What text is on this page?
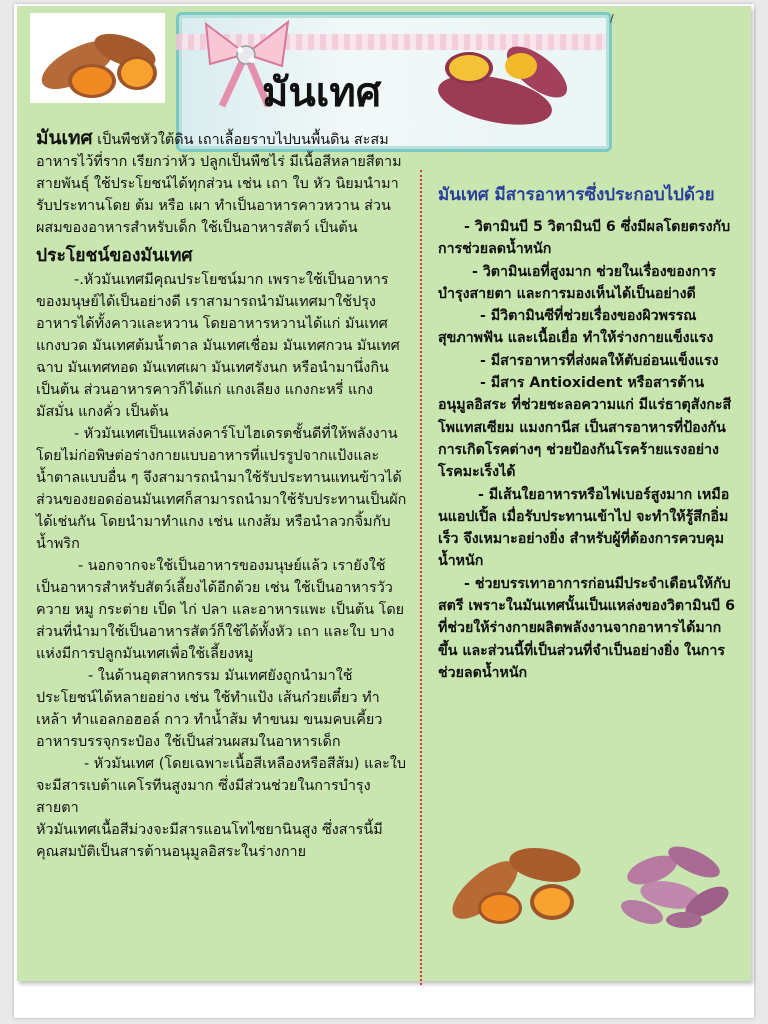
มันเทศ
/

มันเทศ เป็นพืชหัวใต้ดิน เถาเลื้อยราบไปบนพื้นดิน สะสมอาหารไว้ที่ราก เรียกว่าหัว ปลูกเป็นพืชไร่ มีเนื้อสีหลายสีตามสายพันธุ์ ใช้ประโยชน์ได้ทุกส่วน เช่น เถา ใบ หัว นิยมนำมารับประทานโดย ต้ม หรือ เผา ทำเป็นอาหารคาวหวาน ส่วนผสมของอาหารสำหรับเด็ก ใช้เป็นอาหารสัตว์ เป็นต้น

ประโยชน์ของมันเทศ

-.หัวมันเทศมีคุณประโยชน์มาก เพราะใช้เป็นอาหารของมนุษย์ได้เป็นอย่างดี เราสามารถนำมันเทศมาใช้ปรุงอาหารได้ทั้งคาวและหวาน โดยอาหารหวานได้แก่ มันเทศแกงบวด มันเทศต้มน้ำตาล มันเทศเชื่อม มันเทศกวน มันเทศฉาบ มันเทศทอด มันเทศเผา มันเทศรังนก หรือนำมานึ่งกิน เป็นต้น ส่วนอาหารคาวก็ได้แก่ แกงเลียง แกงกะหรี่ แกงมัสมั่น แกงคั่ว เป็นต้น

- หัวมันเทศเป็นแหล่งคาร์โบไฮเดรตชั้นดีที่ให้พลังงานโดยไม่ก่อพิษต่อร่างกายแบบอาหารที่แปรรูปจากแป้งและน้ำตาลแบบอื่น ๆ จึงสามารถนำมาใช้รับประทานแทนข้าวได้ ส่วนของยอดอ่อนมันเทศก็สามารถนำมาใช้รับประทานเป็นผักได้เช่นกัน โดยนำมาทำแกง เช่น แกงส้ม หรือนำลวกจิ้มกับน้ำพริก

- นอกจากจะใช้เป็นอาหารของมนุษย์แล้ว เรายังใช้เป็นอาหารสำหรับสัตว์เลี้ยงได้อีกด้วย เช่น ใช้เป็นอาหารวัว ควาย หมู กระต่าย เป็ด ไก่ ปลา และอาหารแพะ เป็นต้น โดยส่วนที่นำมาใช้เป็นอาหารสัตว์ก็ใช้ได้ทั้งหัว เถา และใบ บางแห่งมีการปลูกมันเทศเพื่อใช้เลี้ยงหมู

- ในด้านอุตสาหกรรม มันเทศยังถูกนำมาใช้ประโยชน์ได้หลายอย่าง เช่น ใช้ทำแป้ง เส้นก๋วยเตี๋ยว ทำเหล้า ทำแอลกอฮอล์ กาว ทำน้ำส้ม ทำขนม ขนมคบเคี้ยว อาหารบรรจุกระป๋อง ใช้เป็นส่วนผสมในอาหารเด็ก

- หัวมันเทศ (โดยเฉพาะเนื้อสีเหลืองหรือสีส้ม) และใบ จะมีสารเบต้าแคโรทีนสูงมาก ซึ่งมีส่วนช่วยในการบำรุงสายตา

หัวมันเทศเนื้อสีม่วงจะมีสารแอนโทไซยานินสูง ซึ่งสารนี้มีคุณสมบัติเป็นสารต้านอนุมูลอิสระในร่างกาย

มันเทศ มีสารอาหารซึ่งประกอบไปด้วย

- วิตามินบี 5 วิตามินบี 6 ซึ่งมีผลโดยตรงกับการช่วยลดน้ำหนัก

- วิตามินเอที่สูงมาก ช่วยในเรื่องของการบำรุงสายตา และการมองเห็นได้เป็นอย่างดี

- มีวิตามินซีที่ช่วยเรื่องของผิวพรรณ สุขภาพฟัน และเนื้อเยื่อ ทำให้ร่างกายแข็งแรง

- มีสารอาหารที่ส่งผลให้ตับอ่อนแข็งแรง

- มีสาร Antioxident หรือสารต้านอนุมูลอิสระ ที่ช่วยชะลอความแก่ มีแร่ธาตุสังกะสี โพแทสเซียม แมงกานีส เป็นสารอาหารที่ป้องกันการเกิดโรคต่างๆ ช่วยป้องกันโรคร้ายแรงอย่างโรคมะเร็งได้

- มีเส้นใยอาหารหรือไฟเบอร์สูงมาก เหมือนแอปเปิ้ล เมื่อรับประทานเข้าไป จะทำให้รู้สึกอิ่มเร็ว จึงเหมาะอย่างยิ่ง สำหรับผู้ที่ต้องการควบคุมน้ำหนัก

- ช่วยบรรเทาอาการก่อนมีประจำเดือนให้กับสตรี เพราะในมันเทศนั้นเป็นแหล่งของวิตามินบี 6 ที่ช่วยให้ร่างกายผลิตพลังงานจากอาหารได้มากขึ้น และส่วนนี้ที่เป็นส่วนที่จำเป็นอย่างยิ่ง ในการช่วยลดน้ำหนัก
